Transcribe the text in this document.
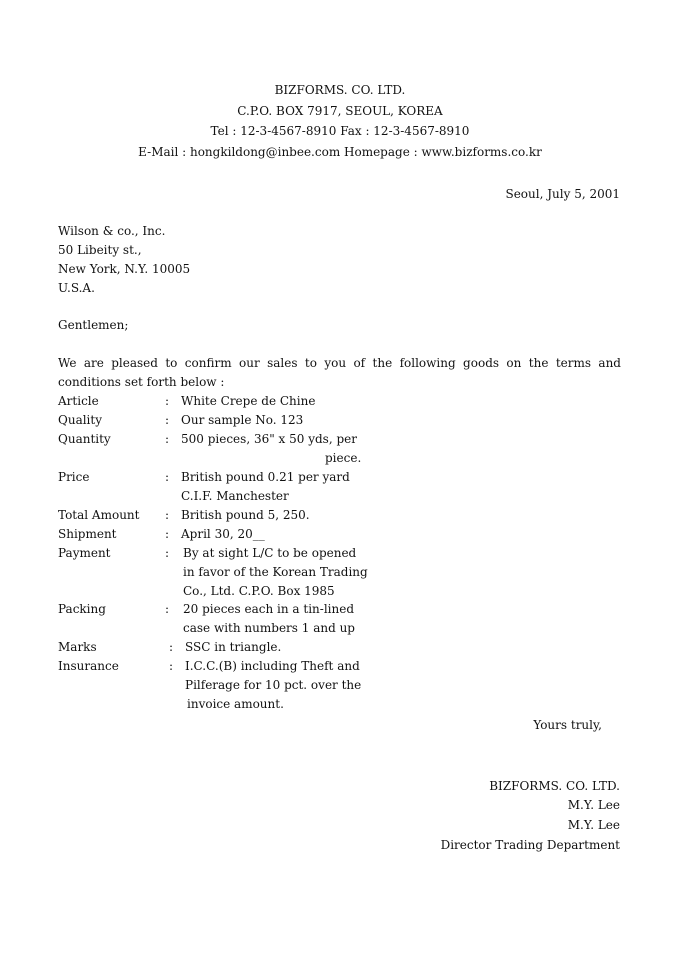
BIZFORMS. CO. LTD.
C.P.O. BOX 7917, SEOUL, KOREA
Tel : 12-3-4567-8910 Fax : 12-3-4567-8910
E-Mail : hongkildong@inbee.com Homepage : www.bizforms.co.kr
Seoul, July 5, 2001
Wilson & co., Inc.
50 Libeity st.,
New York, N.Y. 10005
U.S.A.
Gentlemen;
We are pleased to confirm our sales to you of the following goods on the terms and
conditions set forth below :
Article	: White Crepe de Chine
Quality	: Our sample No. 123
Quantity	: 500 pieces, 36" x 50 yds, per
piece.
Price	: British pound 0.21 per yard
C.I.F. Manchester
Total Amount : British pound 5, 250.
Shipment	: April 30, 20__
Payment	: By at sight L/C to be opened
in favor of the Korean Trading
Co., Ltd. C.P.O. Box 1985
Packing	: 20 pieces each in a tin-lined
case with numbers 1 and up
Marks	: SSC in triangle.
Insurance	: I.C.C.(B) including Theft and
Pilferage for 10 pct. over the
invoice amount.
Yours truly,
BIZFORMS. CO. LTD.
M.Y. Lee
M.Y. Lee
Director Trading Department
